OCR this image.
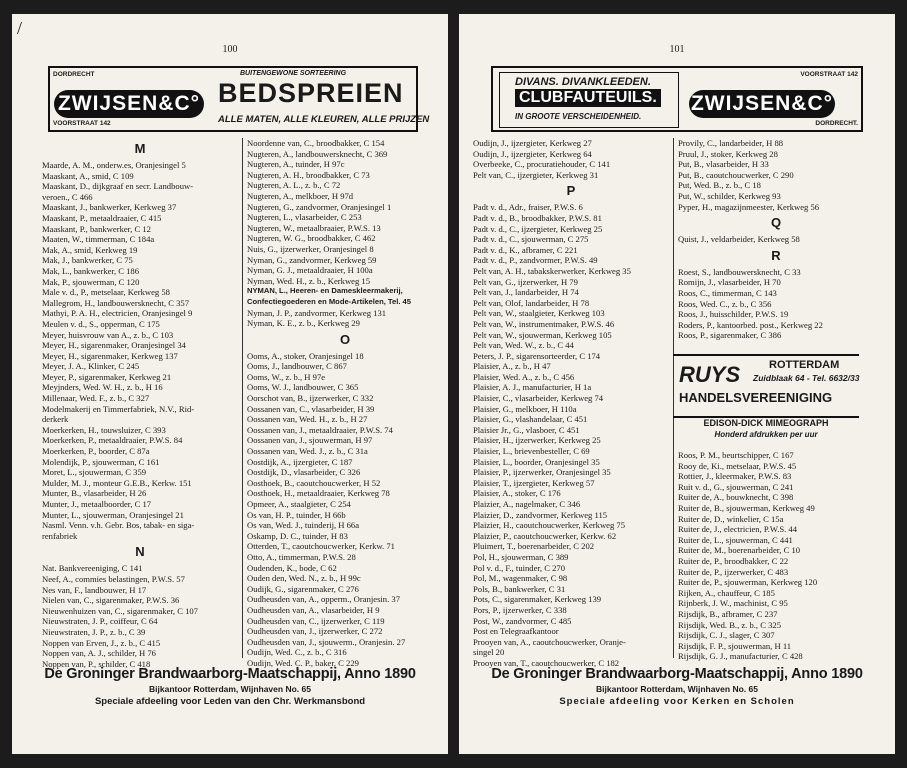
/
100
DORDRECHT
VOORSTRAAT 142
ZWIJSEN&C°
BUITENGEWONE SORTEERING
BEDSPREIEN
ALLE MATEN, ALLE KLEUREN, ALLE PRIJZEN
M
Maarde, A. M., onderw.es, Oranjesingel 5
Maaskant, A., smid, C 109
Maaskant, D., dijkgraaf en secr. Landbouw-
veroen., C 466
Maaskant, J., bankwerker, Kerkweg 37
Maaskant, P., metaaldraaier, C 415
Maaskant, P., bankwerker, C 12
Maaten, W., timmerman, C 184a
Mak, A., smid, Kerkweg 19
Mak, J., bankwerker, C 75
Mak, L., bankwerker, C 186
Mak, P., sjouwerman, C 120
Male v. d., P., metselaar, Kerkweg 58
Mallegrom, H., landbouwersknecht, C 357
Mathyi, P. A. H., electricien, Oranjesingel 9
Meulen v. d., S., opperman, C 175
Meyer, huisvrouw van A., z. b., C 103
Meyer, H., sigarenmaker, Oranjesingel 34
Meyer, H., sigarenmaker, Kerkweg 137
Meyer, J. A., Klinker, C 245
Meyer, P., sigarenmaker, Kerkweg 21
Meyjnders, Wed. W. H., z. b., H 16
Millenaar, Wed. F., z. b., C 327
Modelmakerij en Timmerfabriek, N.V., Rid-
derkerk
Moerkerken, H., touwsluizer, C 393
Moerkerken, P., metaaldraaier, P.W.S. 84
Moerkerken, P., boorder, C 87a
Molendijk, P., sjouwerman, C 161
Moret, L., sjouwerman, C 359
Mulder, M. J., monteur G.E.B., Kerkw. 151
Munter, B., vlasarbeider, H 26
Munter, J., metaalboorder, C 17
Munter, L., sjouwerman, Oranjesingel 21
Nasml. Venn. v.h. Gebr. Bos, tabak- en siga-
renfabriek
N
Nat. Bankvereeniging, C 141
Neef, A., commies belastingen, P.W.S. 57
Nes van, F., landbouwer, H 17
Nielen van, C., sigarenmaker, P.W.S. 36
Nieuwenhuizen van, C., sigarenmaker, C 107
Nieuwstraten, J. P., coiffeur, C 64
Nieuwstraten, J. P., z. b., C 39
Noppen van Erven, J., z. b., C 415
Noppen van, A. J., schilder, H 76
Noppen van, P., schilder, C 418
Noordenne van, C., broodbakker, C 154
Nugteren, A., landbouwersknecht, C 369
Nugteren, A., tuinder, H 97c
Nugteren, A. H., broodbakker, C 73
Nugteren, A. L., z. b., C 72
Nugteren, A., melkboer, H 97d
Nugteren, G., zandvormer, Oranjesingel 1
Nugteren, L., vlasarbeider, C 253
Nugteren, W., metaalbraaier, P.W.S. 13
Nugteren, W. G., broodbakker, C 462
Nuis, G., ijzerwerker, Oranjesingel 8
Nyman, G., zandvormer, Kerkweg 59
Nyman, G. J., metaaldraaier, H 100a
Nyman, Wed. H., z. b., Kerkweg 15
NYMAN, L., Heeren- en Dameskleermakerij,
Confectiegoederen en Mode-Artikelen, Tel. 45
Nyman, J. P., zandvormer, Kerkweg 131
Nyman, K. E., z. b., Kerkweg 29
O
Ooms, A., stoker, Oranjesingel 18
Ooms, J., landbouwer, C 867
Ooms, W., z. b., H 97e
Ooms, W. J., landbouwer, C 365
Oorschot van, B., ijzerwerker, C 332
Oossanen van, C., vlasarbeider, H 39
Oossanen van, Wed. H., z. b., H 27
Oossanen van, J., metaaldraaier, P.W.S. 74
Oossanen van, J., sjouwerman, H 97
Oossanen van, Wed. J., z. b., C 31a
Oostdijk, A., ijzergieter, C 187
Oostdijk, D., vlasarbeider, C 326
Oosthoek, B., caoutchoucwerker, H 52
Oosthoek, H., metaaldraaier, Kerkweg 78
Opmeer, A., staalgieter, C 254
Os van, H. P., tuinder, H 66b
Os van, Wed. J., tuinderij, H 66a
Oskamp, D. C., tuinder, H 83
Otterden, T., caoutchoucwerker, Kerkw. 71
Otto, A., timmerman, P.W.S. 28
Oudenden, K., bode, C 62
Ouden den, Wed. N., z. b., H 99c
Oudijk, G., sigarenmaker, C 276
Oudheusden van, A., opperm., Oranjesin. 37
Oudheusden van, A., vlasarbeider, H 9
Oudheusden van, C., ijzerwerker, C 119
Oudheusden van, J., ijzerwerker, C 272
Oudheusden van, J., sjouwerm., Oranjesin. 27
Oudijn, Wed. C., z. b., C 316
Oudijn, Wed. C. P., baker, C 229
De Groninger Brandwaarborg-Maatschappij, Anno 1890
Bijkantoor Rotterdam, Wijnhaven No. 65
Speciale afdeeling voor Leden van den Chr. Werkmansbond
101
DIVANS. DIVANKLEEDEN.
CLUBFAUTEUILS.
IN GROOTE VERSCHEIDENHEID.
ZWIJSEN&C°
VOORSTRAAT 142
DORDRECHT.
Oudijn, J., ijzergieter, Kerkweg 27
Oudijn, J., ijzergieter, Kerkweg 64
Overbeeke, C., procuratiehouder, C 141
Pelt van, C., ijzergieter, Kerkweg 31
P
Padt v. d., Adr., fraiser, P.W.S. 6
Padt v. d., B., broodbakker, P.W.S. 81
Padt v. d., C., ijzergieter, Kerkweg 25
Padt v. d., C., sjouwerman, C 275
Padt v. d., K., afbramer, C 221
Padt v. d., P., zandvormer, P.W.S. 49
Pelt van, A. H., tabakskerwerker, Kerkweg 35
Pelt van, G., ijzerwerker, H 79
Pelt van, J., landarbeider, H 74
Pelt van, Olof, landarbeider, H 78
Pelt van, W., staalgieter, Kerkweg 103
Pelt van, W., instrumentmaker, P.W.S. 46
Pelt van, W., sjouwerman, Kerkweg 105
Pelt van, Wed. W., z. b., C 44
Peters, J. P., sigarensorteerder, C 174
Plaisier, A., z. b., H 47
Plaisier, Wed. A., z. b., C 456
Plaisier, A. J., manufacturier, H 1a
Plaisier, C., vlasarbeider, Kerkweg 74
Plaisier, G., melkboer, H 110a
Plaisier, G., vlashandelaar, C 451
Plaisier Jr., G., vlasboer, C 451
Plaisier, H., ijzerwerker, Kerkweg 25
Plaisier, L., brievenbesteller, C 69
Plaisier, L., boorder, Oranjesingel 35
Plaisier, P., ijzerwerker, Oranjesingel 35
Plaisier, T., ijzergieter, Kerkweg 57
Plaisier, A., stoker, C 176
Plaizier, A., nagelmaker, C 346
Plaizier, D., zandvormer, Kerkweg 115
Plaizier, H., caoutchoucwerker, Kerkweg 75
Plaizier, P., caoutchoucwerker, Kerkw. 62
Pluimert, T., boerenarbeider, C 202
Pol, H., sjouwerman, C 389
Pol v. d., F., tuinder, C 270
Pol, M., wagenmaker, C 98
Pols, B., bankwerker, C 31
Pots, C., sigarenmaker, Kerkweg 139
Pors, P., ijzerwerker, C 338
Post, W., zandvormer, C 485
Post en Telegraafkantoor
Prooyen van, A., caoutchoucwerker, Oranje-
singel 20
Prooyen van, T., caoutchoucwerker, C 182
Provily, C., landarbeider, H 88
Pruul, J., stoker, Kerkweg 28
Put, B., vlasarbeider, H 33
Put, B., caoutchoucwerker, C 290
Put, Wed. B., z. b., C 18
Put, W., schilder, Kerkweg 93
Pyper, H., magazijnmeester, Kerkweg 56
Q
Quist, J., veldarbeider, Kerkweg 58
R
Roest, S., landbouwersknecht, C 33
Romijn, J., vlasarbeider, H 70
Roos, C., timmerman, C 143
Roos, Wed. C., z. b., C 356
Roos, J., huisschilder, P.W.S. 19
Roders, P., kantoorbed. post., Kerkweg 22
Roos, P., sigarenmaker, C 386
Roos, P. M., beurtschipper, C 167
Rooy de, Ki., metselaar, P.W.S. 45
Rottier, J., kleermaker, P.W.S. 83
Ruit v. d., G., sjouwerman, C 241
Ruiter de, A., bouwknecht, C 398
Ruiter de, B., sjouwerman, Kerkweg 49
Ruiter de, D., winkelier, C 15a
Ruiter de, J., electricien, P.W.S. 44
Ruiter de, L., sjouwerman, C 441
Ruiter de, M., boerenarbeider, C 10
Ruiter de, P., broodbakker, C 22
Ruiter de, P., ijzerwerker, C 483
Ruiter de, P., sjouwerman, Kerkweg 120
Rijken, A., chauffeur, C 185
Rijnberk, J. W., machinist, C 95
Rijsdijk, B., afbramer, C 237
Rijsdijk, Wed. B., z. b., C 325
Rijsdijk, C. J., slager, C 307
Rijsdijk, F. P., sjouwerman, H 11
Rijsdijk, G. J., manufacturier, C 428
RUYS	ROTTERDAM
Zuidblaak 64 - Tel. 6632/33
HANDELSVEREENIGING
EDISON-DICK MIMEOGRAPH
Honderd afdrukken per uur
De Groninger Brandwaarborg-Maatschappij, Anno 1890
Bijkantoor Rotterdam, Wijnhaven No. 65
Speciale afdeeling voor Kerken en Scholen
